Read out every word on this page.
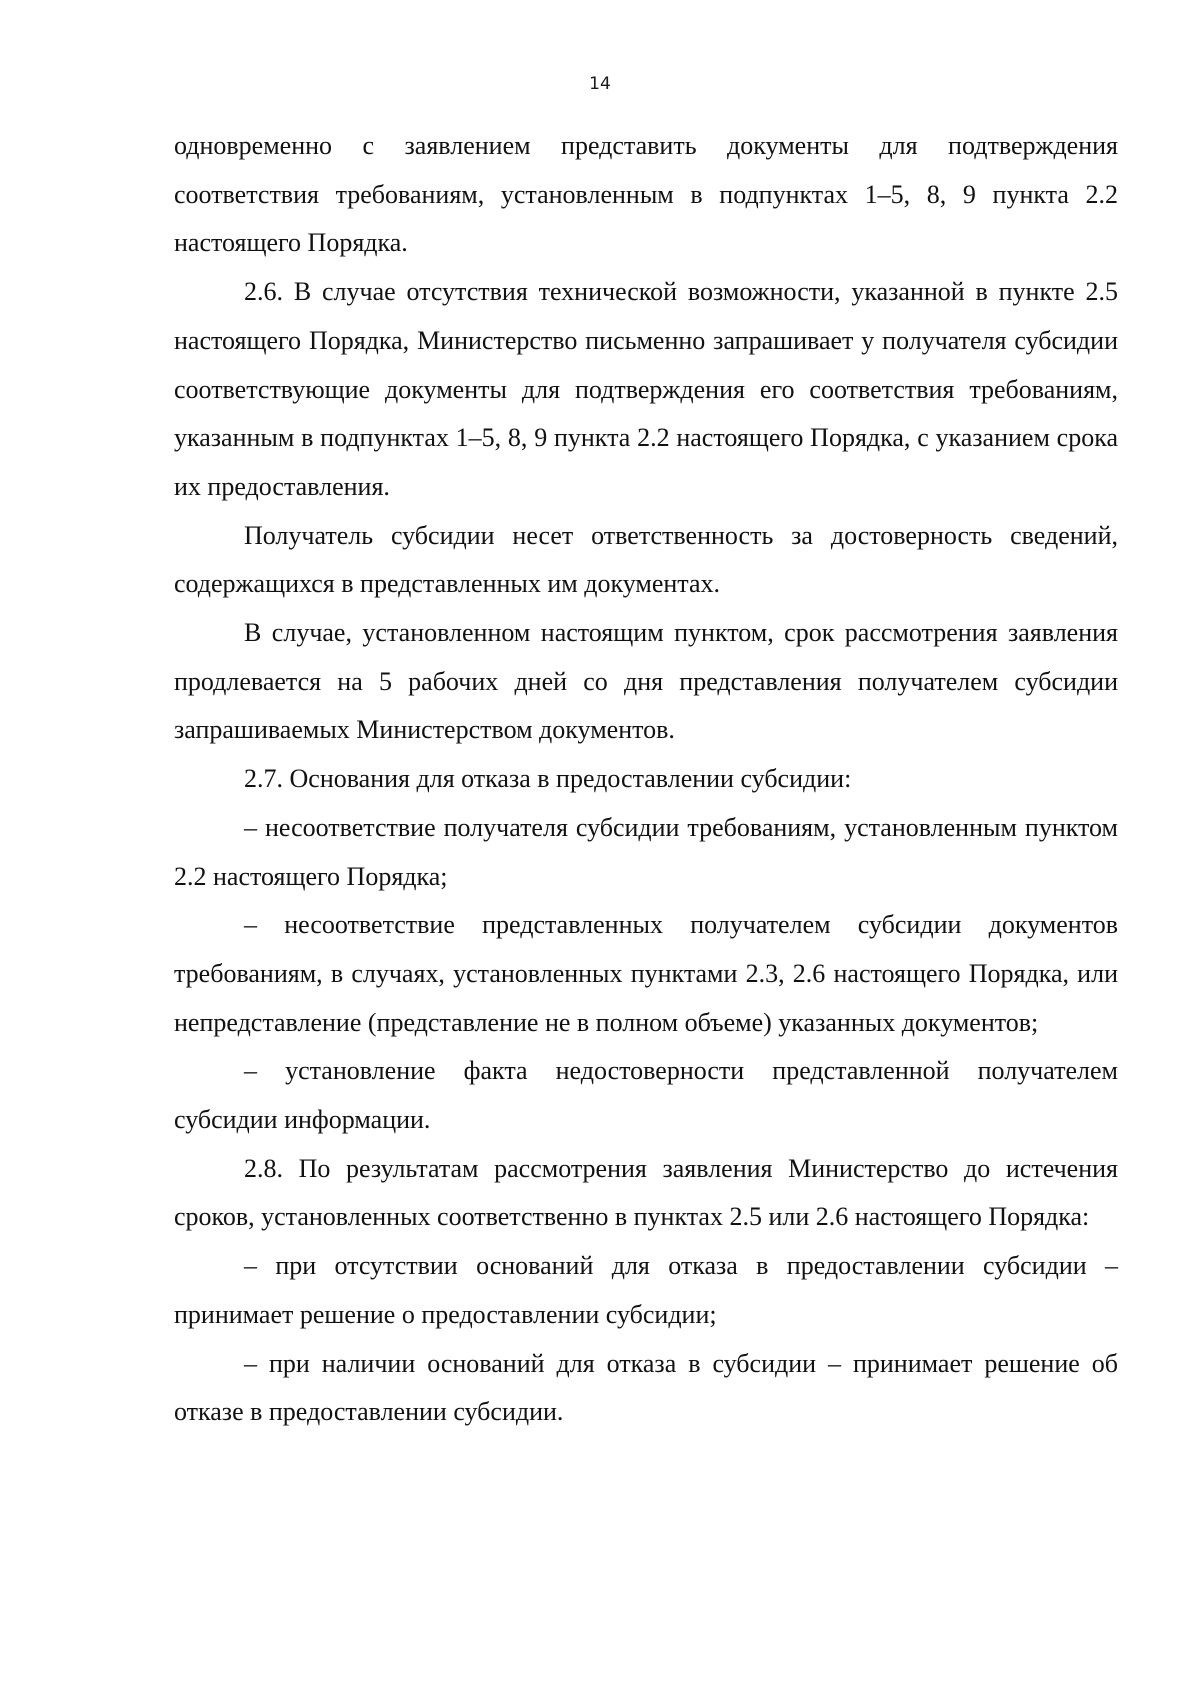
14

одновременно с заявлением представить документы для подтверждения соответствия требованиям, установленным в подпунктах 1–5, 8, 9 пункта 2.2 настоящего Порядка.

2.6. В случае отсутствия технической возможности, указанной в пункте 2.5 настоящего Порядка, Министерство письменно запрашивает у получателя субсидии соответствующие документы для подтверждения его соответствия требованиям, указанным в подпунктах 1–5, 8, 9 пункта 2.2 настоящего Порядка, с указанием срока их предоставления.

Получатель субсидии несет ответственность за достоверность сведений, содержащихся в представленных им документах.

В случае, установленном настоящим пунктом, срок рассмотрения заявления продлевается на 5 рабочих дней со дня представления получателем субсидии запрашиваемых Министерством документов.

2.7. Основания для отказа в предоставлении субсидии:

– несоответствие получателя субсидии требованиям, установленным пунктом 2.2 настоящего Порядка;

– несоответствие представленных получателем субсидии документов требованиям, в случаях, установленных пунктами 2.3, 2.6 настоящего Порядка, или непредставление (представление не в полном объеме) указанных документов;

– установление факта недостоверности представленной получателем субсидии информации.

2.8. По результатам рассмотрения заявления Министерство до истечения сроков, установленных соответственно в пунктах 2.5 или 2.6 настоящего Порядка:

– при отсутствии оснований для отказа в предоставлении субсидии – принимает решение о предоставлении субсидии;

– при наличии оснований для отказа в субсидии – принимает решение об отказе в предоставлении субсидии.
